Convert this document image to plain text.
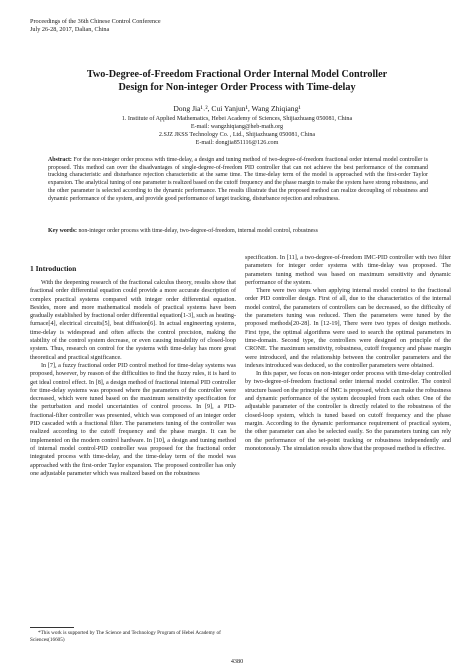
Proceedings of the 36th Chinese Control Conference
July 26-28, 2017, Dalian, China
Two-Degree-of-Freedom Fractional Order Internal Model Controller
Design for Non-integer Order Process with Time-delay
Dong Jia¹˒², Cui Yanjun¹, Wang Zhiqiang¹
1. Institute of Applied Mathematics, Hebei Academy of Sciences, Shijiazhuang 050081, China
E-mail: wangzhiqiang@heb-math.org
2.SJZ JKSS Technology Co. , Ltd., Shijiazhuang 050081, China
E-mail: dongjia851116@126.com
Abstract: For the non-integer order process with time-delay, a design and tuning method of two-degree-of-freedom fractional order internal model controller is proposed. This method can over the disadvantages of single-degree-of-freedom PID controller that can not achieve the best performance of the command tracking characteristic and disturbance rejection characteristic at the same time. The time-delay term of the model is approached with the first-order Taylor expansion. The analytical tuning of one parameter is realized based on the cutoff frequency and the phase margin to make the system have strong robustness, and the other parameter is selected according to the dynamic performance. The results illustrate that the proposed method can realize decoupling of robustness and dynamic performance of the system, and provide good performance of target tracking, disturbance rejection and robustness.
Key words: non-integer order process with time-delay, two-degree-of-freedom, internal model control, robustness
1 Introduction

With the deepening research of the fractional calculus theory, results show that fractional order differential equation could provide a more accurate description of complex practical systems compared with integer order differential equation. Besides, more and more mathematical models of practical systems have been gradually established by fractional order differential equation[1-3], such as heating-furnace[4], electrical circuits[5], beat diffusion[6]. In actual engineering systems, time-delay is widespread and often affects the control precision, making the stability of the control system decrease, or even causing instability of closed-loop system. Thus, research on control for the systems with time-delay has more great theoretical and practical significance.

In [7], a fuzzy fractional order PID control method for time-delay systems was proposed, however, by reason of the difficulties to find the fuzzy rules, it is hard to get ideal control effect. In [8], a design method of fractional internal PID controller for time-delay systems was proposed where the parameters of the controller were decreased, which were tuned based on the maximum sensitivity specification for the perturbation and model uncertainties of control process. In [9], a PID-fractional-filter controller was presented, which was composed of an integer order PID cascaded with a fractional filter. The parameters tuning of the controller was realized according to the cutoff frequency and the phase margin. It can be implemented on the modern control hardware. In [10], a design and tuning method of internal model control-PID controller was proposed for the fractional order integrated process with time-delay, and the time-delay term of the model was approached with the first-order Taylor expansion. The proposed controller has only one adjustable parameter which was realized based on the robustness

specification. In [11], a two-degree-of-freedom IMC-PID controller with two filter parameters for integer order systems with time-delay was proposed. The parameters tuning method was based on maximum sensitivity and dynamic performance of the system.

There were two steps when applying internal model control to the fractional order PID controller design. First of all, due to the characteristics of the internal model control, the parameters of controllers can be decreased, so the difficulty of the parameters tuning was reduced. Then the parameters were tuned by the proposed methods[20-28]. In [12-19], There were two types of design methods. First type, the optimal algorithms were used to search the optimal parameters in time-domain. Second type, the controllers were designed on principle of the CRONE. The maximum sensitivity, robustness, cutoff frequency and phase margin were introduced, and the relationship between the controller parameters and the indexes introduced was deduced, so the controller parameters were obtained.

In this paper, we focus on non-integer order process with time-delay controlled by two-degree-of-freedom fractional order internal model controller. The control structure based on the principle of IMC is proposed, which can make the robustness and dynamic performance of the system decoupled from each other. One of the adjustable parameter of the controller is directly related to the robustness of the closed-loop system, which is tuned based on cutoff frequency and the phase margin. According to the dynamic performance requirement of practical system, the other parameter can also be selected easily. So the parameters tuning can rely on the performance of the set-point tracking or robustness independently and monotonously. The simulation results show that the proposed method is effective.

*This work is supported by The Science and Technology Program of Hebei Academy of Sciences(16605)

4380
